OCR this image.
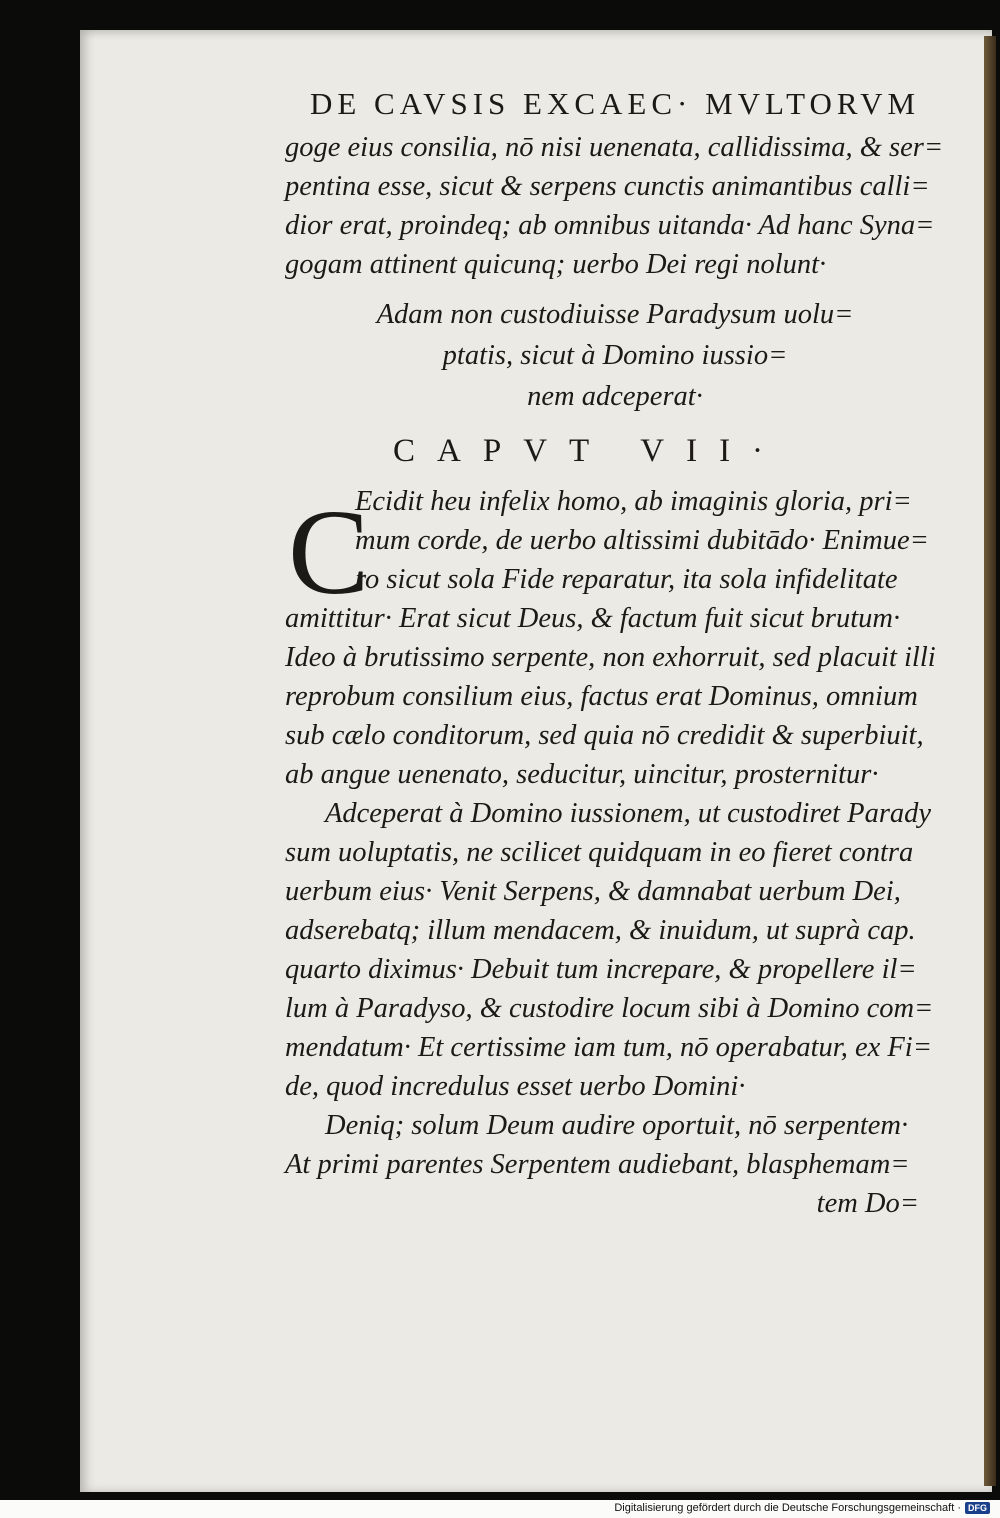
C
DE CAVSIS EXCAEC· MVLTORVM
goge eius consilia, nō nisi uenenata, callidissima, & ser=
pentina esse, sicut & serpens cunctis animantibus calli=
dior erat, proindeq; ab omnibus uitanda· Ad hanc Syna=
gogam attinent quicunq; uerbo Dei regi nolunt·
Adam non custodiuisse Paradysum uolu=
ptatis, sicut à Domino iussio=
nem adceperat·
CAPVT VII·
Ecidit heu infelix homo, ab imaginis gloria, pri=
mum corde, de uerbo altissimi dubitādo· Enimue=
ro sicut sola Fide reparatur, ita sola infidelitate
amittitur· Erat sicut Deus, & factum fuit sicut brutum·
Ideo à brutissimo serpente, non exhorruit, sed placuit illi
reprobum consilium eius, factus erat Dominus, omnium
sub cælo conditorum, sed quia nō credidit & superbiuit,
ab angue uenenato, seducitur, uincitur, prosternitur·
Adceperat à Domino iussionem, ut custodiret Parady
sum uoluptatis, ne scilicet quidquam in eo fieret contra
uerbum eius· Venit Serpens, & damnabat uerbum Dei,
adserebatq; illum mendacem, & inuidum, ut suprà cap.
quarto diximus· Debuit tum increpare, & propellere il=
lum à Paradyso, & custodire locum sibi à Domino com=
mendatum· Et certissime iam tum, nō operabatur, ex Fi=
de, quod incredulus esset uerbo Domini·
Deniq; solum Deum audire oportuit, nō serpentem·
At primi parentes Serpentem audiebant, blasphemam=
tem Do=
Digitalisierung gefördert durch die Deutsche Forschungsgemeinschaft · DFG
